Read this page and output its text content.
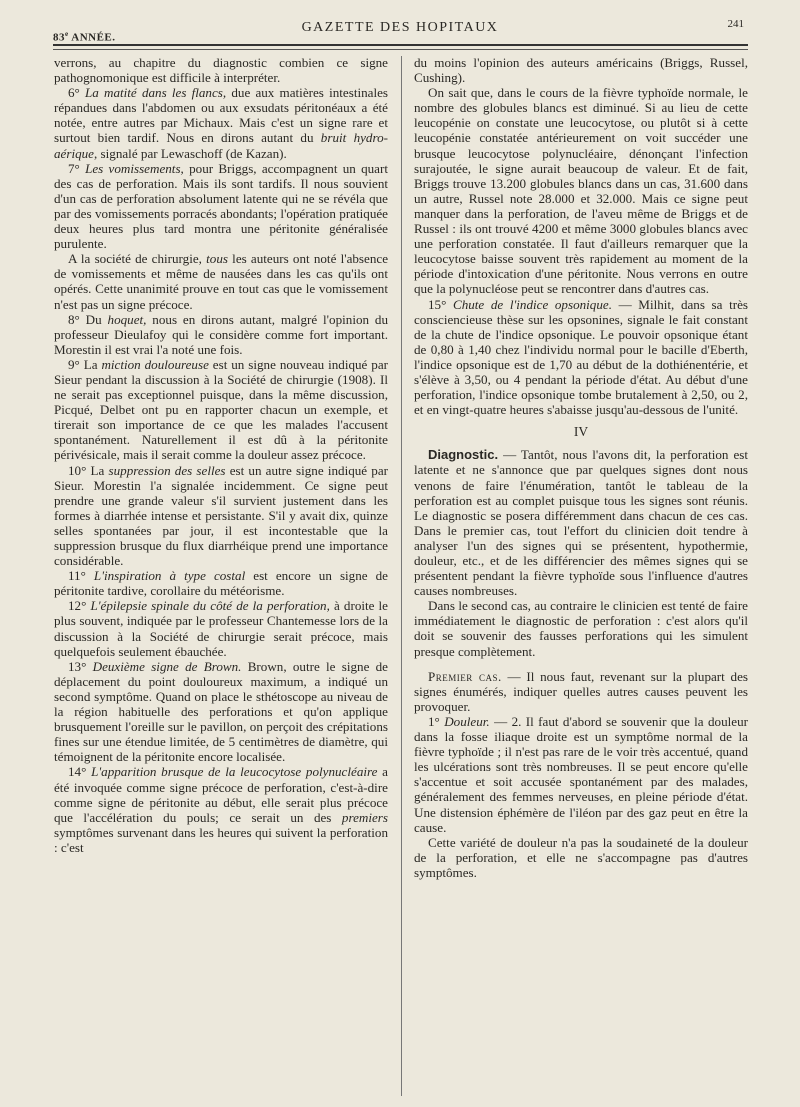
83e ANNÉE.
GAZETTE DES HOPITAUX	241

verrons, au chapitre du diagnostic combien ce signe pathognomonique est difficile à interpréter.

6° La matité dans les flancs, due aux matières intestinales répandues dans l'abdomen ou aux exsudats péritonéaux a été notée, entre autres par Michaux. Mais c'est un signe rare et surtout bien tardif. Nous en dirons autant du bruit hydro-aérique, signalé par Lewaschoff (de Kazan).

7° Les vomissements, pour Briggs, accompagnent un quart des cas de perforation. Mais ils sont tardifs. Il nous souvient d'un cas de perforation absolument latente qui ne se révéla que par des vomissements porracés abondants; l'opération pratiquée deux heures plus tard montra une péritonite généralisée purulente.

A la société de chirurgie, tous les auteurs ont noté l'absence de vomissements et même de nausées dans les cas qu'ils ont opérés. Cette unanimité prouve en tout cas que le vomissement n'est pas un signe précoce.

8° Du hoquet, nous en dirons autant, malgré l'opinion du professeur Dieulafoy qui le considère comme fort important. Morestin il est vrai l'a noté une fois.

9° La miction douloureuse est un signe nouveau indiqué par Sieur pendant la discussion à la Société de chirurgie (1908). Il ne serait pas exceptionnel puisque, dans la même discussion, Picqué, Delbet ont pu en rapporter chacun un exemple, et tirerait son importance de ce que les malades l'accusent spontanément. Naturellement il est dû à la péritonite périvésicale, mais il serait comme la douleur assez précoce.

10° La suppression des selles est un autre signe indiqué par Sieur. Morestin l'a signalée incidemment. Ce signe peut prendre une grande valeur s'il survient justement dans les formes à diarrhée intense et persistante. S'il y avait dix, quinze selles spontanées par jour, il est incontestable que la suppression brusque du flux diarrhéique prend une importance considérable.

11° L'inspiration à type costal est encore un signe de péritonite tardive, corollaire du météorisme.

12° L'épilepsie spinale du côté de la perforation, à droite le plus souvent, indiquée par le professeur Chantemesse lors de la discussion à la Société de chirurgie serait précoce, mais quelquefois seulement ébauchée.

13° Deuxième signe de Brown. Brown, outre le signe de déplacement du point douloureux maximum, a indiqué un second symptôme. Quand on place le sthétoscope au niveau de la région habituelle des perforations et qu'on applique brusquement l'oreille sur le pavillon, on perçoit des crépitations fines sur une étendue limitée, de 5 centimètres de diamètre, qui témoignent de la péritonite encore localisée.

14° L'apparition brusque de la leucocytose polynucléaire a été invoquée comme signe précoce de perforation, c'est-à-dire comme signe de péritonite au début, elle serait plus précoce que l'accélération du pouls; ce serait un des premiers symptômes survenant dans les heures qui suivent la perforation : c'est

du moins l'opinion des auteurs américains (Briggs, Russel, Cushing).

On sait que, dans le cours de la fièvre typhoïde normale, le nombre des globules blancs est diminué. Si au lieu de cette leucopénie on constate une leucocytose, ou plutôt si à cette leucopénie constatée antérieurement on voit succéder une brusque leucocytose polynucléaire, dénonçant l'infection surajoutée, le signe aurait beaucoup de valeur. Et de fait, Briggs trouve 13.200 globules blancs dans un cas, 31.600 dans un autre, Russel note 28.000 et 32.000. Mais ce signe peut manquer dans la perforation, de l'aveu même de Briggs et de Russel : ils ont trouvé 4200 et même 3000 globules blancs avec une perforation constatée. Il faut d'ailleurs remarquer que la leucocytose baisse souvent très rapidement au moment de la période d'intoxication d'une péritonite. Nous verrons en outre que la polynucléose peut se rencontrer dans d'autres cas.

15° Chute de l'indice opsonique. — Milhit, dans sa très consciencieuse thèse sur les opsonines, signale le fait constant de la chute de l'indice opsonique. Le pouvoir opsonique étant de 0,80 à 1,40 chez l'individu normal pour le bacille d'Eberth, l'indice opsonique est de 1,70 au début de la dothiénentérie, et s'élève à 3,50, ou 4 pendant la période d'état. Au début d'une perforation, l'indice opsonique tombe brutalement à 2,50, ou 2, et en vingt-quatre heures s'abaisse jusqu'au-dessous de l'unité.

IV

Diagnostic. — Tantôt, nous l'avons dit, la perforation est latente et ne s'annonce que par quelques signes dont nous venons de faire l'énumération, tantôt le tableau de la perforation est au complet puisque tous les signes sont réunis. Le diagnostic se posera différemment dans chacun de ces cas. Dans le premier cas, tout l'effort du clinicien doit tendre à analyser l'un des signes qui se présentent, hypothermie, douleur, etc., et de les différencier des mêmes signes qui se présentent pendant la fièvre typhoïde sous l'influence d'autres causes nombreuses.

Dans le second cas, au contraire le clinicien est tenté de faire immédiatement le diagnostic de perforation : c'est alors qu'il doit se souvenir des fausses perforations qui les simulent presque complètement.

Premier cas. — Il nous faut, revenant sur la plupart des signes énumérés, indiquer quelles autres causes peuvent les provoquer.

1° Douleur. — 2. Il faut d'abord se souvenir que la douleur dans la fosse iliaque droite est un symptôme normal de la fièvre typhoïde ; il n'est pas rare de le voir très accentué, quand les ulcérations sont très nombreuses. Il se peut encore qu'elle s'accentue et soit accusée spontanément par des malades, généralement des femmes nerveuses, en pleine période d'état. Une distension éphémère de l'iléon par des gaz peut en être la cause.

Cette variété de douleur n'a pas la soudaineté de la douleur de la perforation, et elle ne s'accompagne pas d'autres symptômes.
